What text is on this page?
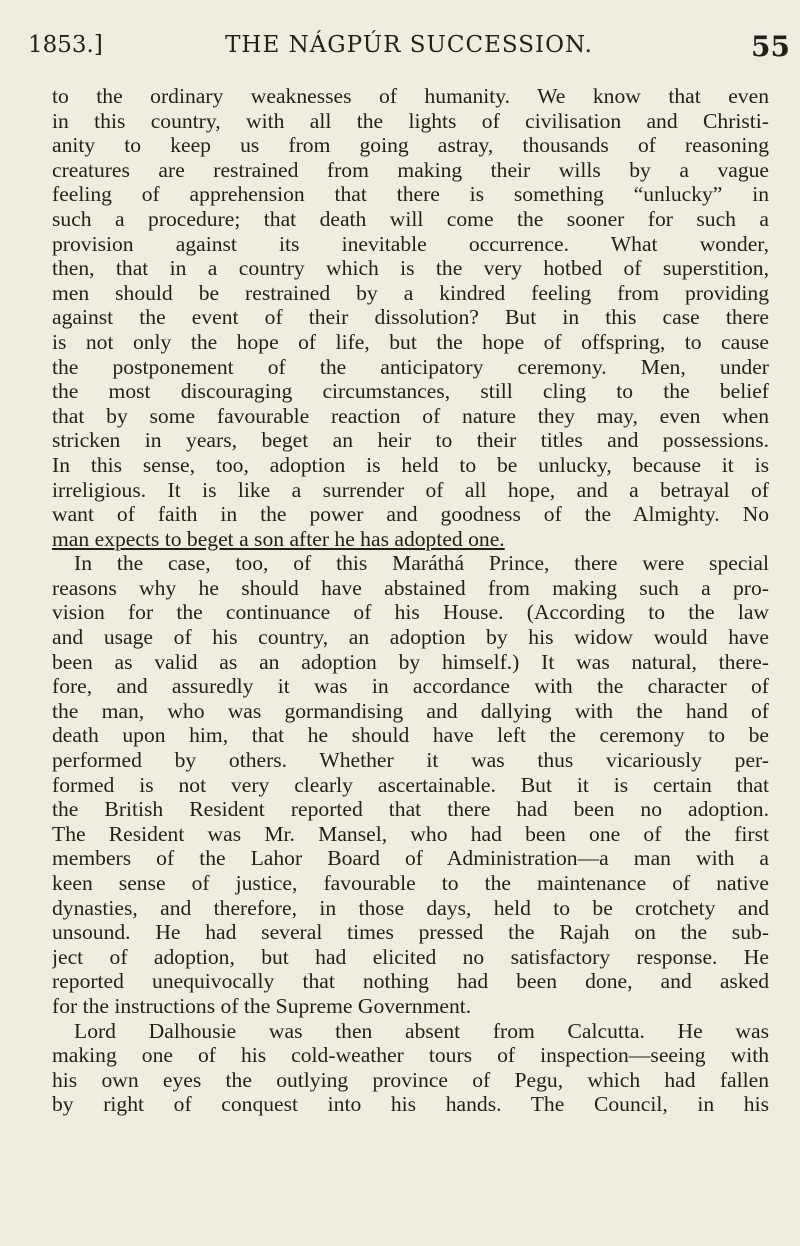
1853.]	THE NÁGPÚR SUCCESSION.	55
to the ordinary weaknesses of humanity. We know that even
in this country, with all the lights of civilisation and Christi-
anity to keep us from going astray, thousands of reasoning
creatures are restrained from making their wills by a vague
feeling of apprehension that there is something “unlucky” in
such a procedure; that death will come the sooner for such a
provision against its inevitable occurrence. What wonder,
then, that in a country which is the very hotbed of superstition,
men should be restrained by a kindred feeling from providing
against the event of their dissolution? But in this case there
is not only the hope of life, but the hope of offspring, to cause
the postponement of the anticipatory ceremony. Men, under
the most discouraging circumstances, still cling to the belief
that by some favourable reaction of nature they may, even when
stricken in years, beget an heir to their titles and possessions.
In this sense, too, adoption is held to be unlucky, because it is
irreligious. It is like a surrender of all hope, and a betrayal of
want of faith in the power and goodness of the Almighty. No
man expects to beget a son after he has adopted one.
In the case, too, of this Maráthá Prince, there were special
reasons why he should have abstained from making such a pro-
vision for the continuance of his House. (According to the law
and usage of his country, an adoption by his widow would have
been as valid as an adoption by himself.) It was natural, there-
fore, and assuredly it was in accordance with the character of
the man, who was gormandising and dallying with the hand of
death upon him, that he should have left the ceremony to be
performed by others. Whether it was thus vicariously per-
formed is not very clearly ascertainable. But it is certain that
the British Resident reported that there had been no adoption.
The Resident was Mr. Mansel, who had been one of the first
members of the Lahor Board of Administration—a man with a
keen sense of justice, favourable to the maintenance of native
dynasties, and therefore, in those days, held to be crotchety and
unsound. He had several times pressed the Rajah on the sub-
ject of adoption, but had elicited no satisfactory response. He
reported unequivocally that nothing had been done, and asked
for the instructions of the Supreme Government.
Lord Dalhousie was then absent from Calcutta. He was
making one of his cold-weather tours of inspection—seeing with
his own eyes the outlying province of Pegu, which had fallen
by right of conquest into his hands. The Council, in his
